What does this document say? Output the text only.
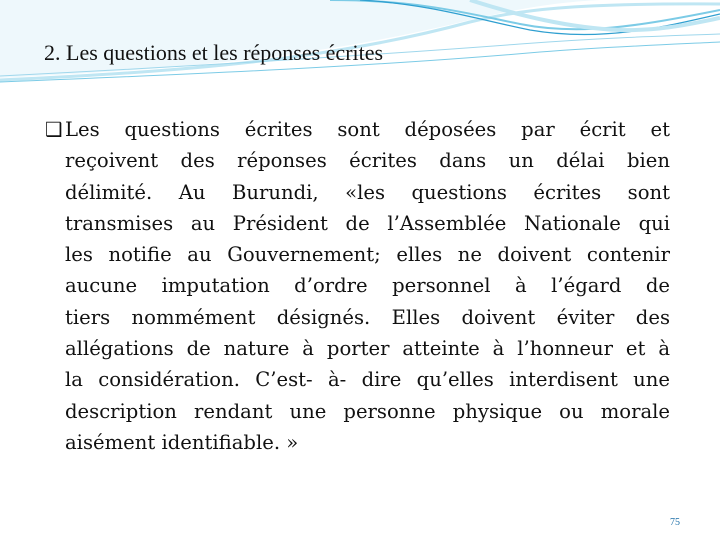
2. Les questions et les réponses écrites
❑ Les questions écrites sont déposées par écrit et
reçoivent des réponses écrites dans un délai bien
délimité. Au Burundi, «les questions écrites sont
transmises au Président de l’Assemblée Nationale qui
les notifie au Gouvernement; elles ne doivent contenir
aucune imputation d’ordre personnel à l’égard de
tiers nommément désignés. Elles doivent éviter des
allégations de nature à porter atteinte à l’honneur et à
la considération. C’est- à- dire qu’elles interdisent une
description rendant une personne physique ou morale
aisément identifiable. »
75
